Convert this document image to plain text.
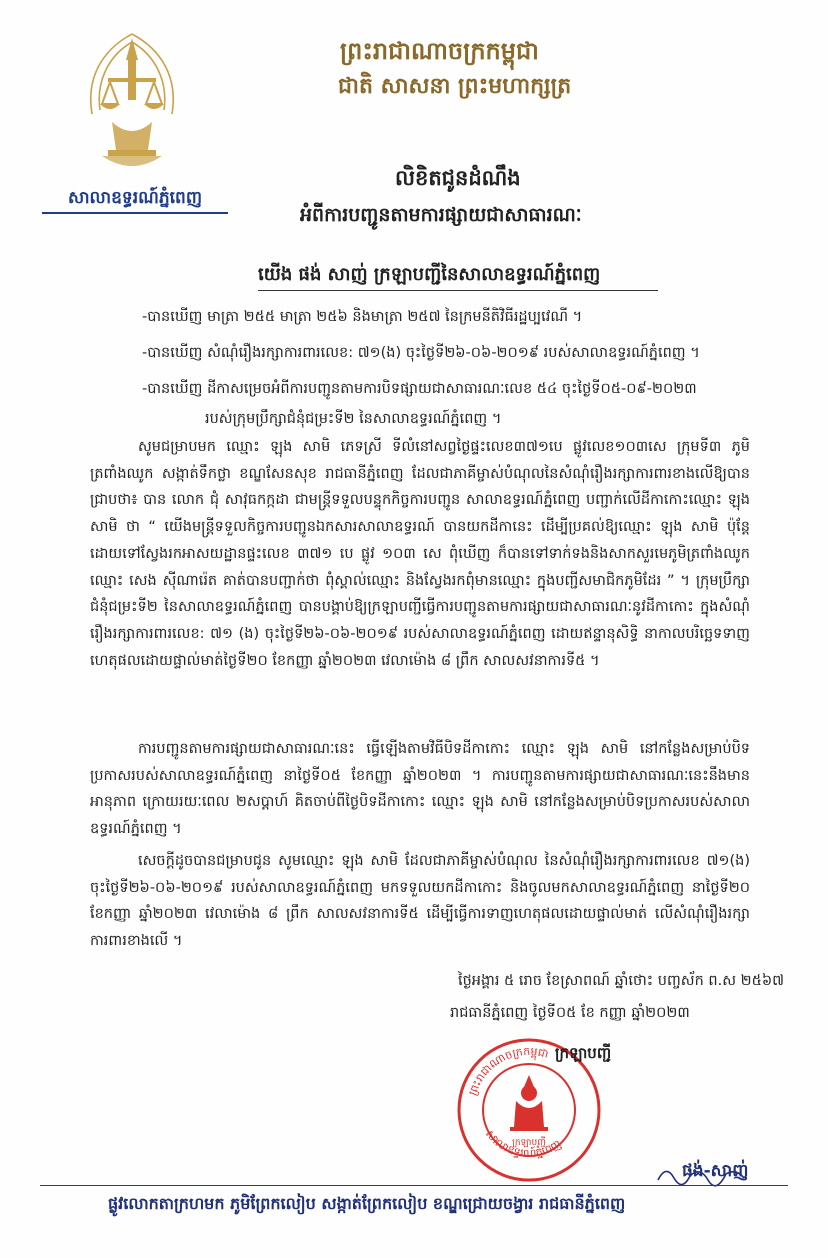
សាលាឧទ្ធរណ៍ភ្នំពេញ
ព្រះរាជាណាចក្រកម្ពុជា
ជាតិ សាសនា ព្រះមហាក្សត្រ
លិខិតជូនដំណឹង
អំពីការបញ្ជូនតាមការផ្សាយជាសាធារណៈ
យើង ផង់ សាញ់ ក្រឡាបញ្ជីនៃសាលាឧទ្ធរណ៍ភ្នំពេញ
-បានឃើញ មាត្រា ២៥៥ មាត្រា ២៥៦ និងមាត្រា ២៥៧ នៃក្រមនីតិវិធីរដ្ឋប្បវេណី ។
-បានឃើញ សំណុំរឿងរក្សាការពារលេខ: ៧១(ង) ចុះថ្ងៃទី២៦-០៦-២០១៩ របស់សាលាឧទ្ធរណ៍ភ្នំពេញ ។
-បានឃើញ ដីកាសម្រេចអំពីការបញ្ជូនតាមការបិទផ្សាយជាសាធារណៈលេខ ៥៤ ចុះថ្ងៃទី០៥-០៩-២០២៣
របស់ក្រុមប្រឹក្សាជំនុំជម្រះទី២ នៃសាលាឧទ្ធរណ៍ភ្នំពេញ ។

សូមជម្រាបមក ឈ្មោះ ឡុង សាមិ ភេទស្រី ទីលំនៅសព្វថ្ងៃផ្ទះលេខ៣៧១បេ ផ្លូវលេខ១០៣សេ ក្រុមទី៣ ភូមិត្រពាំងឈូក សង្កាត់ទឹកថ្លា ខណ្ឌសែនសុខ រាជធានីភ្នំពេញ ដែលជាភាគីម្ចាស់បំណុលនៃសំណុំរឿងរក្សាការពារខាងលើឱ្យបានជ្រាបថា៖ បាន លោក ជុំ សាវុធកក្កដា ជាមន្ត្រីទទួលបន្ទុកកិច្ចការបញ្ជូន សាលាឧទ្ធរណ៍ភ្នំពេញ បញ្ជាក់លើដីកាកោះឈ្មោះ ឡុង សាមិ ថា “ យើងមន្ត្រីទទួលកិច្ចការបញ្ជូនឯកសារសាលាឧទ្ធរណ៍ បានយកដីកានេះ ដើម្បីប្រគល់ឱ្យឈ្មោះ ឡុង សាមិ ប៉ុន្តែដោយទៅស្វែងរកអាសយដ្ឋានផ្ទះលេខ ៣៧១ បេ ផ្លូវ ១០៣ សេ ពុំឃើញ ក៏បានទៅទាក់ទងនិងសាកសួរមេភូមិត្រពាំងឈូក ឈ្មោះ សេង ស៊ីណារ៉េត គាត់បានបញ្ជាក់ថា ពុំស្គាល់ឈ្មោះ និងស្វែងរកពុំមានឈ្មោះ ក្នុងបញ្ជីសមាជិកភូមិដែរ ” ។ ក្រុមប្រឹក្សាជំនុំជម្រះទី២ នៃសាលាឧទ្ធរណ៍ភ្នំពេញ បានបង្គាប់ឱ្យក្រឡាបញ្ជីធ្វើការបញ្ជូនតាមការផ្សាយជាសាធារណៈនូវដីកាកោះ ក្នុងសំណុំរឿងរក្សាការពារលេខ: ៧១ (ង) ចុះថ្ងៃទី២៦-០៦-២០១៩ របស់សាលាឧទ្ធរណ៍ភ្នំពេញ ដោយឥន្ទានុសិទ្ធិ នាកាលបរិច្ឆេទទាញហេតុផលដោយផ្ទាល់មាត់ថ្ងៃទី២០ ខែកញ្ញា ឆ្នាំ២០២៣ វេលាម៉ោង ៨ ព្រឹក សាលសវនាការទី៥ ។

ការបញ្ជូនតាមការផ្សាយជាសាធារណៈនេះ ធ្វើឡើងតាមវិធីបិទដីកាកោះ ឈ្មោះ ឡុង សាមិ នៅកន្លែងសម្រាប់បិទប្រកាសរបស់សាលាឧទ្ធរណ៍ភ្នំពេញ នាថ្ងៃទី០៥ ខែកញ្ញា ឆ្នាំ២០២៣ ។ ការបញ្ជូនតាមការផ្សាយជាសាធារណៈនេះនឹងមានអានុភាព ក្រោយរយៈពេល ២សប្តាហ៍ គិតចាប់ពីថ្ងៃបិទដីកាកោះ ឈ្មោះ ឡុង សាមិ នៅកន្លែងសម្រាប់បិទប្រកាសរបស់សាលាឧទ្ធរណ៍ភ្នំពេញ ។

សេចក្តីដូចបានជម្រាបជូន សូមឈ្មោះ ឡុង សាមិ ដែលជាភាគីម្ចាស់បំណុល នៃសំណុំរឿងរក្សាការពារលេខ ៧១(ង) ចុះថ្ងៃទី២៦-០៦-២០១៩ របស់សាលាឧទ្ធរណ៍ភ្នំពេញ មកទទួលយកដីកាកោះ និងចូលមកសាលាឧទ្ធរណ៍ភ្នំពេញ នាថ្ងៃទី២០ ខែកញ្ញា ឆ្នាំ២០២៣ វេលាម៉ោង ៨ ព្រឹក សាលសវនាការទី៥ ដើម្បីធ្វើការទាញហេតុផលដោយផ្ទាល់មាត់ លើសំណុំរឿងរក្សាការពារខាងលើ ។

ថ្ងៃអង្គារ ៥ រោច ខែស្រាពណ៍ ឆ្នាំថោះ បញ្ចស័ក ព.ស ២៥៦៧
រាជធានីភ្នំពេញ ថ្ងៃទី០៥ ខែ កញ្ញា ឆ្នាំ២០២៣
ព្រះរាជាណាចក្រកម្ពុជា
សាលាឧទ្ធរណ៍ភ្នំពេញ
ក្រឡាបញ្ជី
ក្រឡាបញ្ជី
ផង់-សាញ់
ផ្លូវលោកតាក្រហមក ភូមិព្រែកលៀប សង្កាត់ព្រែកលៀប ខណ្ឌជ្រោយចង្វារ រាជធានីភ្នំពេញ
